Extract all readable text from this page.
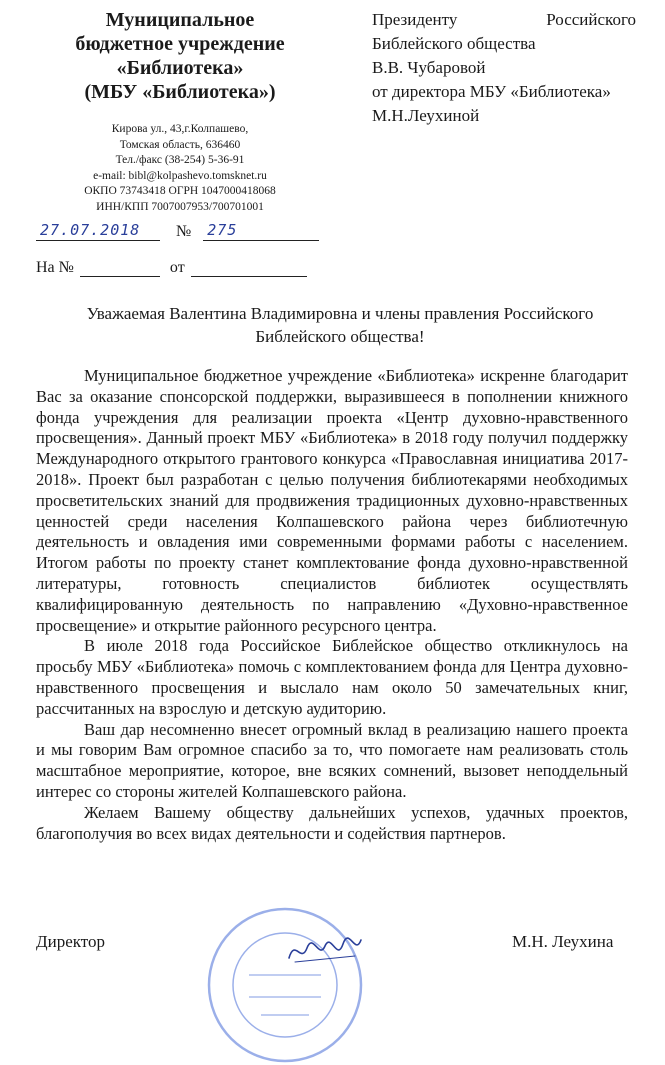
Муниципальное
бюджетное учреждение
«Библиотека»
(МБУ «Библиотека»)
Кирова ул., 43,г.Колпашево,
Томская область, 636460
Тел./факс (38-254) 5-36-91
e-mail: bibl@kolpashevo.tomsknet.ru
ОКПО 73743418 ОГРН 1047000418068
ИНН/КПП 7007007953/700701001
Президенту	Российского
Библейского общества
В.В. Чубаровой
от директора МБУ «Библиотека»
М.Н.Леухиной
27.07.2018 № 275
На №	от
Уважаемая Валентина Владимировна и члены правления Российского
Библейского общества!

Муниципальное бюджетное учреждение «Библиотека» искренне благодарит Вас за оказание спонсорской поддержки, выразившееся в пополнении книжного фонда учреждения для реализации проекта «Центр духовно-нравственного просвещения». Данный проект МБУ «Библиотека» в 2018 году получил поддержку Международного открытого грантового конкурса «Православная инициатива 2017- 2018». Проект был разработан с целью получения библиотекарями необходимых просветительских знаний для продвижения традиционных духовно-нравственных ценностей среди населения Колпашевского района через библиотечную деятельность и овладения ими современными формами работы с населением. Итогом работы по проекту станет комплектование фонда духовно-нравственной литературы, готовность специалистов библиотек осуществлять квалифицированную деятельность по направлению «Духовно-нравственное просвещение» и открытие районного ресурсного центра.

В июле 2018 года Российское Библейское общество откликнулось на просьбу МБУ «Библиотека» помочь с комплектованием фонда для Центра духовно-нравственного просвещения и выслало нам около 50 замечательных книг, рассчитанных на взрослую и детскую аудиторию.

Ваш дар несомненно внесет огромный вклад в реализацию нашего проекта и мы говорим Вам огромное спасибо за то, что помогаете нам реализовать столь масштабное мероприятие, которое, вне всяких сомнений, вызовет неподдельный интерес со стороны жителей Колпашевского района.

Желаем Вашему обществу дальнейших успехов, удачных проектов, благополучия во всех видах деятельности и содействия партнеров.

Директор	М.Н. Леухина
